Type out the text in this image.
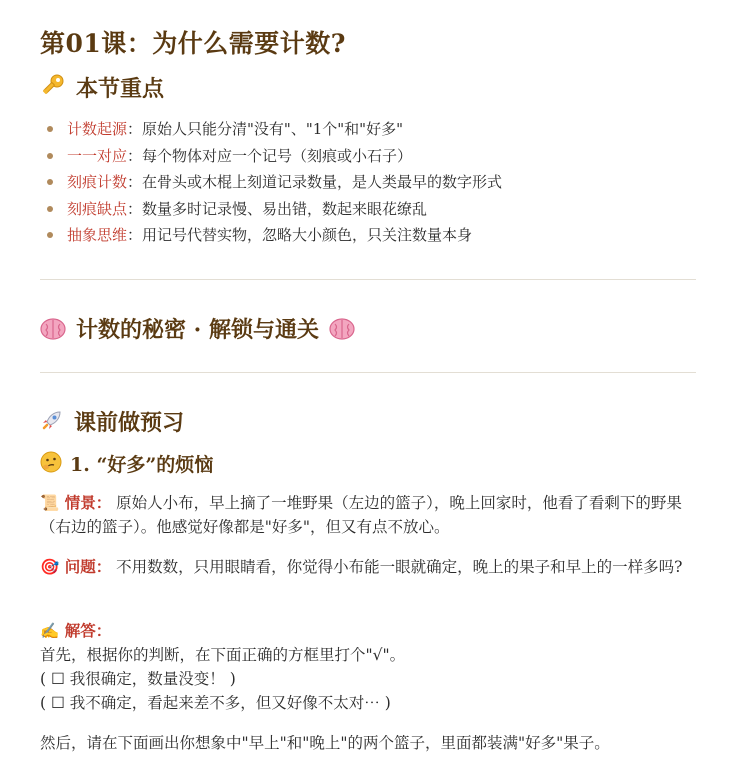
第01课：为什么需要计数?
本节重点
计数起源：原始人只能分清"没有"、"1个"和"好多"
一一对应：每个物体对应一个记号（刻痕或小石子）
刻痕计数：在骨头或木棍上刻道记录数量，是人类最早的数字形式
刻痕缺点：数量多时记录慢、易出错，数起来眼花缭乱
抽象思维：用记号代替实物，忽略大小颜色，只关注数量本身
计数的秘密 · 解锁与通关
课前做预习
1. “好多”的烦恼
📜 情景： 原始人小布，早上摘了一堆野果（左边的篮子），晚上回家时，他看了看剩下的野果（右边的篮子）。他感觉好像都是"好多"，但又有点不放心。
🎯 问题： 不用数数，只用眼睛看，你觉得小布能一眼就确定，晚上的果子和早上的一样多吗?
✍️ 解答：
首先，根据你的判断，在下面正确的方框里打个"√"。
( ☐ 我很确定，数量没变！ )
( ☐ 我不确定，看起来差不多，但又好像不太对⋯ )
然后，请在下面画出你想象中"早上"和"晚上"的两个篮子，里面都装满"好多"果子。
